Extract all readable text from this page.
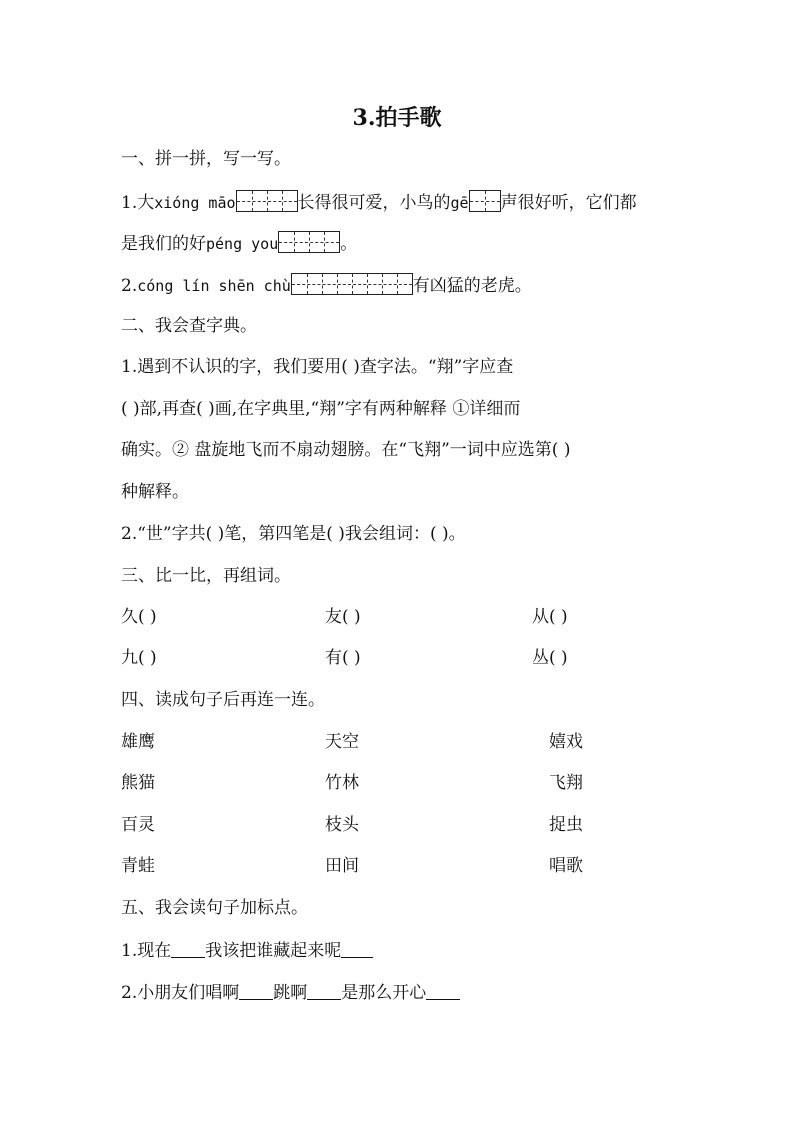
3.拍手歌
一、拼一拼，写一写。
1.大xióng māo	长得很可爱，小鸟的gē 声很好听，它们都
是我们的好péng you	。
2.cóng lín shēn chù	有凶猛的老虎。
二、我会查字典。
1.遇到不认识的字，我们要用( )查字法。“翔”字应查
( )部,再查( )画,在字典里,“翔”字有两种解释 ①详细而
确实。② 盘旋地飞而不扇动翅膀。在“飞翔”一词中应选第( )
种解释。
2.“世”字共( )笔，第四笔是( )我会组词：( )。
三、比一比，再组词。
久( )	友( )	从( )
九( )	有( )	丛( )
四、读成句子后再连一连。
雄鹰	天空	嬉戏
熊猫	竹林	飞翔
百灵	枝头	捉虫
青蛙	田间	唱歌
五、我会读句子加标点。
1.现在 我该把谁藏起来呢
2.小朋友们唱啊 跳啊 是那么开心
